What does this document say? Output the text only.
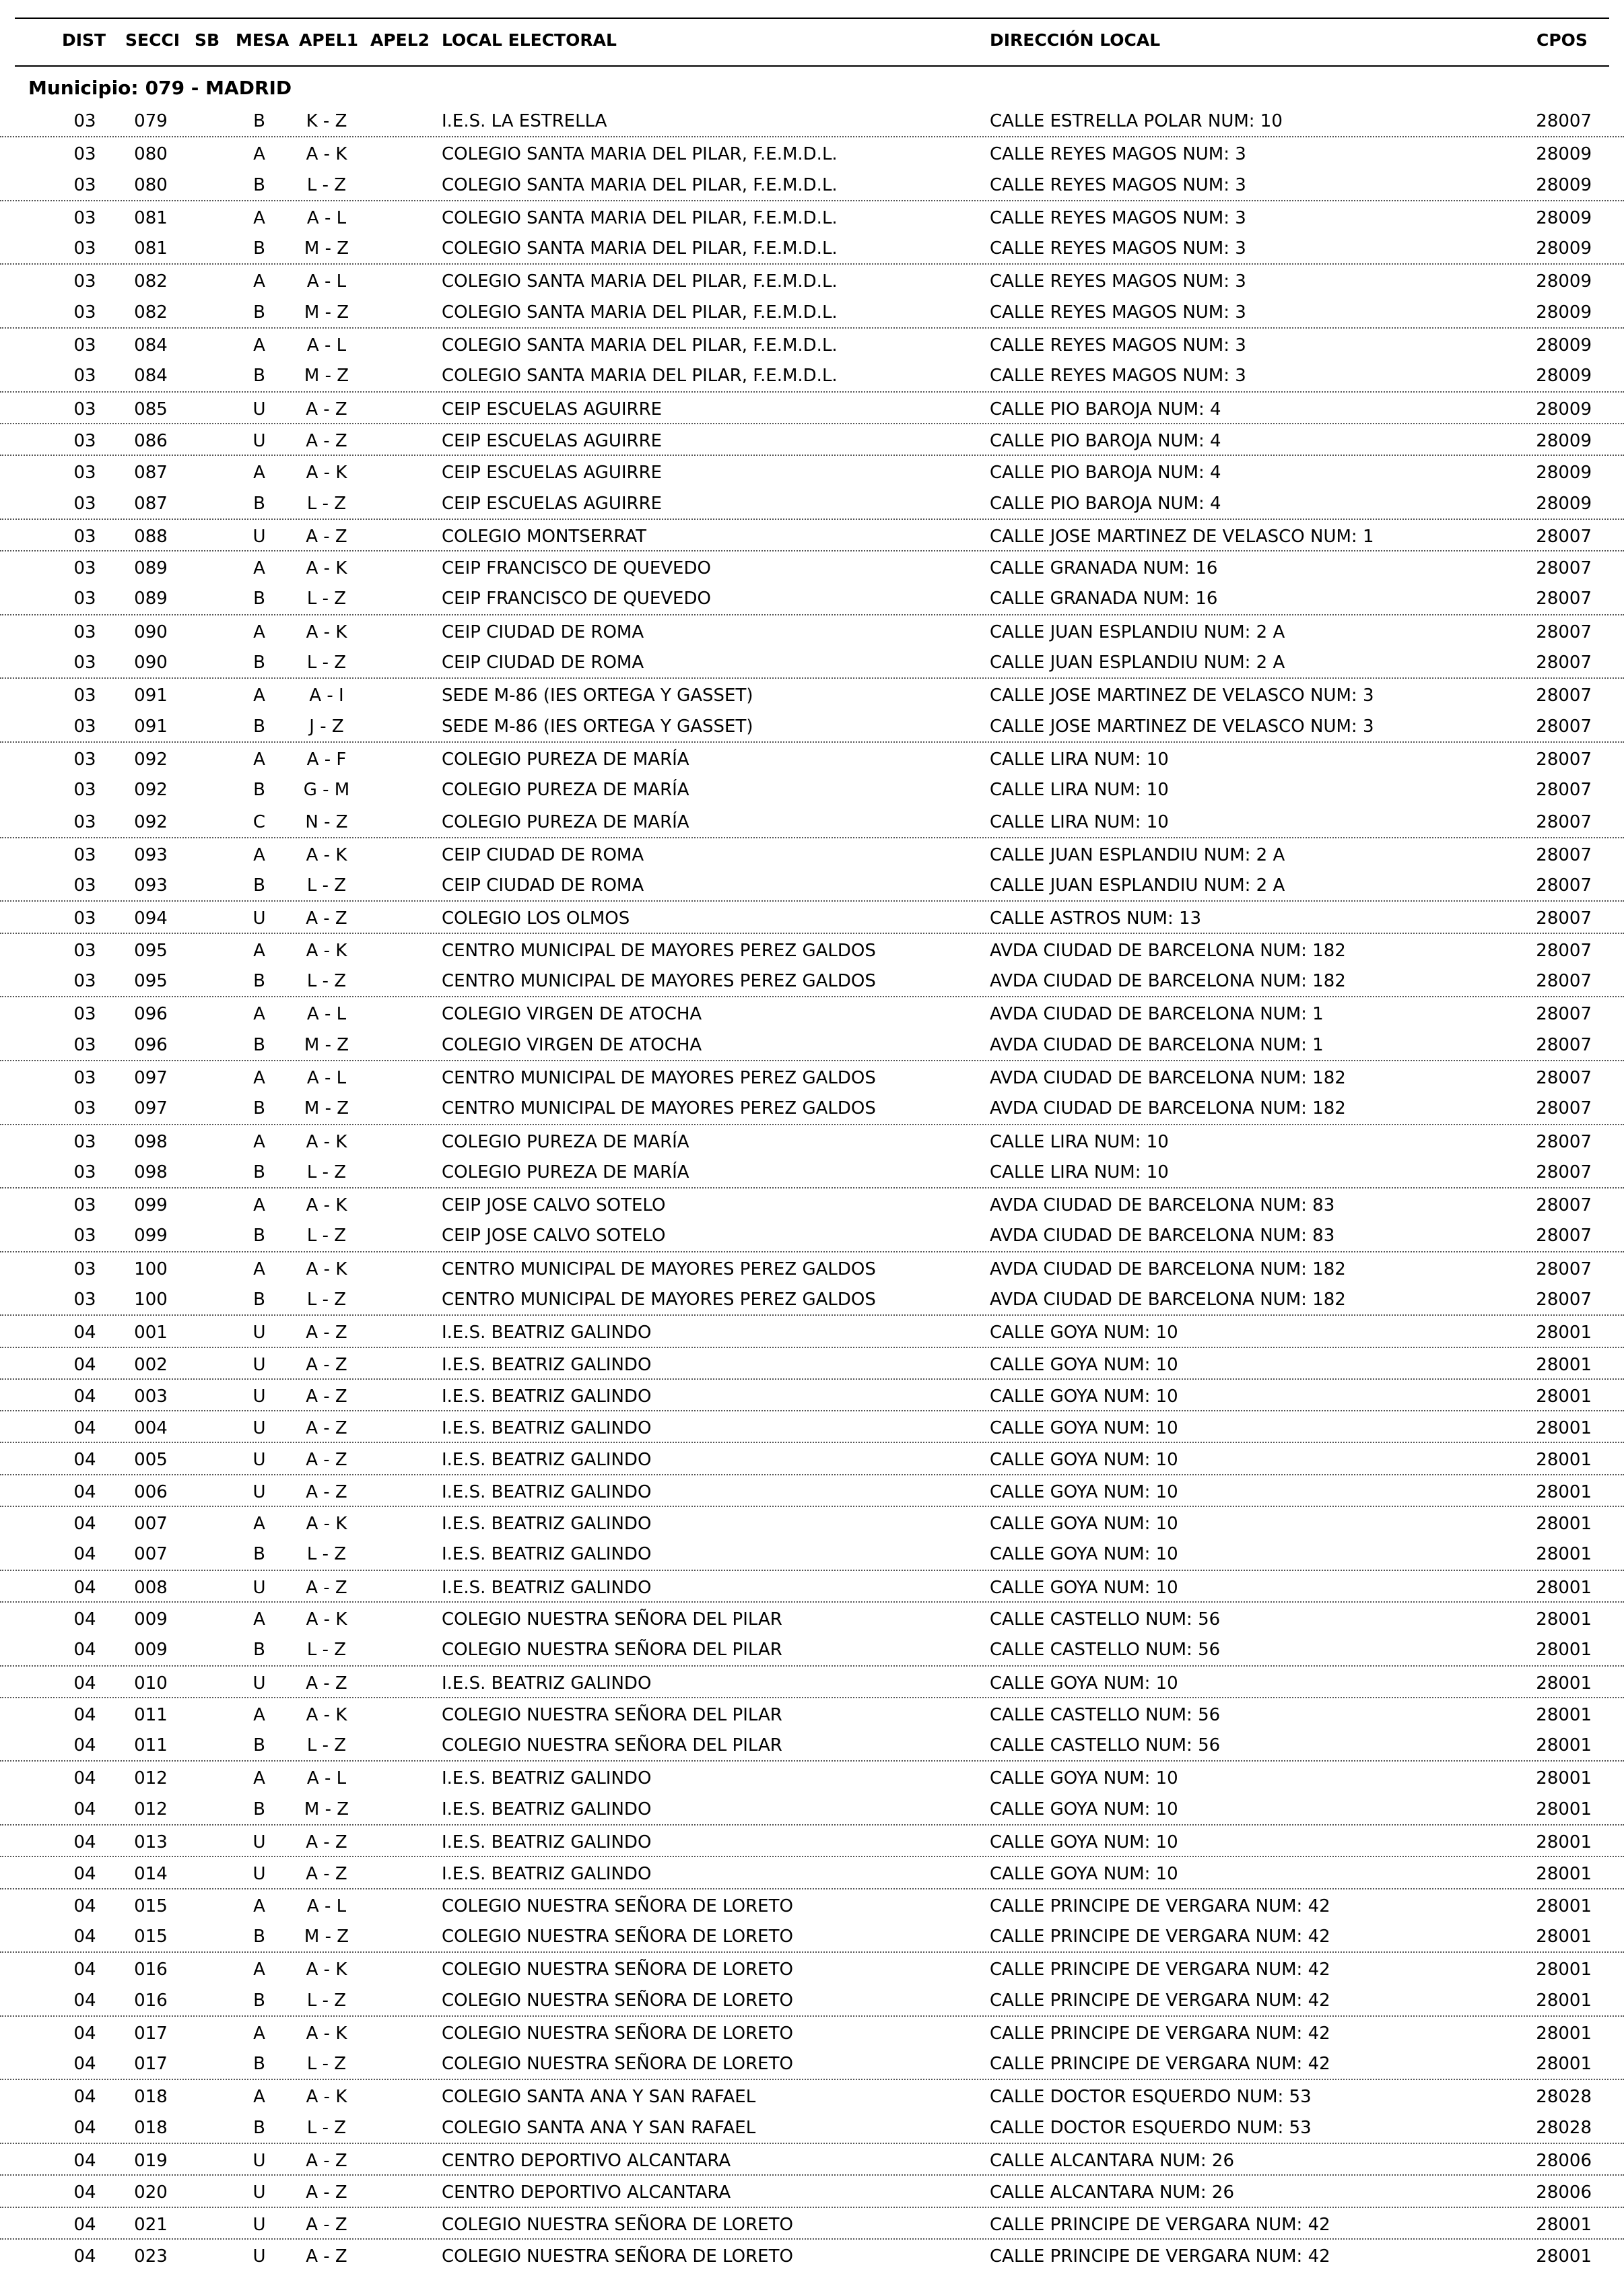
DIST SECCI SB MESA APEL1 APEL2 LOCAL ELECTORAL	DIRECCIÓN LOCAL	CPOS
Municipio: 079 - MADRID
03 079	B	K - Z	I.E.S. LA ESTRELLA	CALLE ESTRELLA POLAR NUM: 10	28007
03 080	A	A - K	COLEGIO SANTA MARIA DEL PILAR, F.E.M.D.L.	CALLE REYES MAGOS NUM: 3	28009
03 080	B	L - Z	COLEGIO SANTA MARIA DEL PILAR, F.E.M.D.L.	CALLE REYES MAGOS NUM: 3	28009
03 081	A	A - L	COLEGIO SANTA MARIA DEL PILAR, F.E.M.D.L.	CALLE REYES MAGOS NUM: 3	28009
03 081	B	M - Z	COLEGIO SANTA MARIA DEL PILAR, F.E.M.D.L.	CALLE REYES MAGOS NUM: 3	28009
03 082	A	A - L	COLEGIO SANTA MARIA DEL PILAR, F.E.M.D.L.	CALLE REYES MAGOS NUM: 3	28009
03 082	B	M - Z	COLEGIO SANTA MARIA DEL PILAR, F.E.M.D.L.	CALLE REYES MAGOS NUM: 3	28009
03 084	A	A - L	COLEGIO SANTA MARIA DEL PILAR, F.E.M.D.L.	CALLE REYES MAGOS NUM: 3	28009
03 084	B	M - Z	COLEGIO SANTA MARIA DEL PILAR, F.E.M.D.L.	CALLE REYES MAGOS NUM: 3	28009
03 085	U	A - Z	CEIP ESCUELAS AGUIRRE	CALLE PIO BAROJA NUM: 4	28009
03 086	U	A - Z	CEIP ESCUELAS AGUIRRE	CALLE PIO BAROJA NUM: 4	28009
03 087	A	A - K	CEIP ESCUELAS AGUIRRE	CALLE PIO BAROJA NUM: 4	28009
03 087	B	L - Z	CEIP ESCUELAS AGUIRRE	CALLE PIO BAROJA NUM: 4	28009
03 088	U	A - Z	COLEGIO MONTSERRAT	CALLE JOSE MARTINEZ DE VELASCO NUM: 1	28007
03 089	A	A - K	CEIP FRANCISCO DE QUEVEDO	CALLE GRANADA NUM: 16	28007
03 089	B	L - Z	CEIP FRANCISCO DE QUEVEDO	CALLE GRANADA NUM: 16	28007
03 090	A	A - K	CEIP CIUDAD DE ROMA	CALLE JUAN ESPLANDIU NUM: 2 A	28007
03 090	B	L - Z	CEIP CIUDAD DE ROMA	CALLE JUAN ESPLANDIU NUM: 2 A	28007
03 091	A	A - I	SEDE M-86 (IES ORTEGA Y GASSET)	CALLE JOSE MARTINEZ DE VELASCO NUM: 3	28007
03 091	B	J - Z	SEDE M-86 (IES ORTEGA Y GASSET)	CALLE JOSE MARTINEZ DE VELASCO NUM: 3	28007
03 092	A	A - F	COLEGIO PUREZA DE MARÍA	CALLE LIRA NUM: 10	28007
03 092	B	G - M	COLEGIO PUREZA DE MARÍA	CALLE LIRA NUM: 10	28007
03 092	C	N - Z	COLEGIO PUREZA DE MARÍA	CALLE LIRA NUM: 10	28007
03 093	A	A - K	CEIP CIUDAD DE ROMA	CALLE JUAN ESPLANDIU NUM: 2 A	28007
03 093	B	L - Z	CEIP CIUDAD DE ROMA	CALLE JUAN ESPLANDIU NUM: 2 A	28007
03 094	U	A - Z	COLEGIO LOS OLMOS	CALLE ASTROS NUM: 13	28007
03 095	A	A - K	CENTRO MUNICIPAL DE MAYORES PEREZ GALDOS	AVDA CIUDAD DE BARCELONA NUM: 182	28007
03 095	B	L - Z	CENTRO MUNICIPAL DE MAYORES PEREZ GALDOS	AVDA CIUDAD DE BARCELONA NUM: 182	28007
03 096	A	A - L	COLEGIO VIRGEN DE ATOCHA	AVDA CIUDAD DE BARCELONA NUM: 1	28007
03 096	B	M - Z	COLEGIO VIRGEN DE ATOCHA	AVDA CIUDAD DE BARCELONA NUM: 1	28007
03 097	A	A - L	CENTRO MUNICIPAL DE MAYORES PEREZ GALDOS	AVDA CIUDAD DE BARCELONA NUM: 182	28007
03 097	B	M - Z	CENTRO MUNICIPAL DE MAYORES PEREZ GALDOS	AVDA CIUDAD DE BARCELONA NUM: 182	28007
03 098	A	A - K	COLEGIO PUREZA DE MARÍA	CALLE LIRA NUM: 10	28007
03 098	B	L - Z	COLEGIO PUREZA DE MARÍA	CALLE LIRA NUM: 10	28007
03 099	A	A - K	CEIP JOSE CALVO SOTELO	AVDA CIUDAD DE BARCELONA NUM: 83	28007
03 099	B	L - Z	CEIP JOSE CALVO SOTELO	AVDA CIUDAD DE BARCELONA NUM: 83	28007
03 100	A	A - K	CENTRO MUNICIPAL DE MAYORES PEREZ GALDOS	AVDA CIUDAD DE BARCELONA NUM: 182	28007
03 100	B	L - Z	CENTRO MUNICIPAL DE MAYORES PEREZ GALDOS	AVDA CIUDAD DE BARCELONA NUM: 182	28007
04 001	U	A - Z	I.E.S. BEATRIZ GALINDO	CALLE GOYA NUM: 10	28001
04 002	U	A - Z	I.E.S. BEATRIZ GALINDO	CALLE GOYA NUM: 10	28001
04 003	U	A - Z	I.E.S. BEATRIZ GALINDO	CALLE GOYA NUM: 10	28001
04 004	U	A - Z	I.E.S. BEATRIZ GALINDO	CALLE GOYA NUM: 10	28001
04 005	U	A - Z	I.E.S. BEATRIZ GALINDO	CALLE GOYA NUM: 10	28001
04 006	U	A - Z	I.E.S. BEATRIZ GALINDO	CALLE GOYA NUM: 10	28001
04 007	A	A - K	I.E.S. BEATRIZ GALINDO	CALLE GOYA NUM: 10	28001
04 007	B	L - Z	I.E.S. BEATRIZ GALINDO	CALLE GOYA NUM: 10	28001
04 008	U	A - Z	I.E.S. BEATRIZ GALINDO	CALLE GOYA NUM: 10	28001
04 009	A	A - K	COLEGIO NUESTRA SEÑORA DEL PILAR	CALLE CASTELLO NUM: 56	28001
04 009	B	L - Z	COLEGIO NUESTRA SEÑORA DEL PILAR	CALLE CASTELLO NUM: 56	28001
04 010	U	A - Z	I.E.S. BEATRIZ GALINDO	CALLE GOYA NUM: 10	28001
04 011	A	A - K	COLEGIO NUESTRA SEÑORA DEL PILAR	CALLE CASTELLO NUM: 56	28001
04 011	B	L - Z	COLEGIO NUESTRA SEÑORA DEL PILAR	CALLE CASTELLO NUM: 56	28001
04 012	A	A - L	I.E.S. BEATRIZ GALINDO	CALLE GOYA NUM: 10	28001
04 012	B	M - Z	I.E.S. BEATRIZ GALINDO	CALLE GOYA NUM: 10	28001
04 013	U	A - Z	I.E.S. BEATRIZ GALINDO	CALLE GOYA NUM: 10	28001
04 014	U	A - Z	I.E.S. BEATRIZ GALINDO	CALLE GOYA NUM: 10	28001
04 015	A	A - L	COLEGIO NUESTRA SEÑORA DE LORETO	CALLE PRINCIPE DE VERGARA NUM: 42	28001
04 015	B	M - Z	COLEGIO NUESTRA SEÑORA DE LORETO	CALLE PRINCIPE DE VERGARA NUM: 42	28001
04 016	A	A - K	COLEGIO NUESTRA SEÑORA DE LORETO	CALLE PRINCIPE DE VERGARA NUM: 42	28001
04 016	B	L - Z	COLEGIO NUESTRA SEÑORA DE LORETO	CALLE PRINCIPE DE VERGARA NUM: 42	28001
04 017	A	A - K	COLEGIO NUESTRA SEÑORA DE LORETO	CALLE PRINCIPE DE VERGARA NUM: 42	28001
04 017	B	L - Z	COLEGIO NUESTRA SEÑORA DE LORETO	CALLE PRINCIPE DE VERGARA NUM: 42	28001
04 018	A	A - K	COLEGIO SANTA ANA Y SAN RAFAEL	CALLE DOCTOR ESQUERDO NUM: 53	28028
04 018	B	L - Z	COLEGIO SANTA ANA Y SAN RAFAEL	CALLE DOCTOR ESQUERDO NUM: 53	28028
04 019	U	A - Z	CENTRO DEPORTIVO ALCANTARA	CALLE ALCANTARA NUM: 26	28006
04 020	U	A - Z	CENTRO DEPORTIVO ALCANTARA	CALLE ALCANTARA NUM: 26	28006
04 021	U	A - Z	COLEGIO NUESTRA SEÑORA DE LORETO	CALLE PRINCIPE DE VERGARA NUM: 42	28001
04 023	U	A - Z	COLEGIO NUESTRA SEÑORA DE LORETO	CALLE PRINCIPE DE VERGARA NUM: 42	28001
